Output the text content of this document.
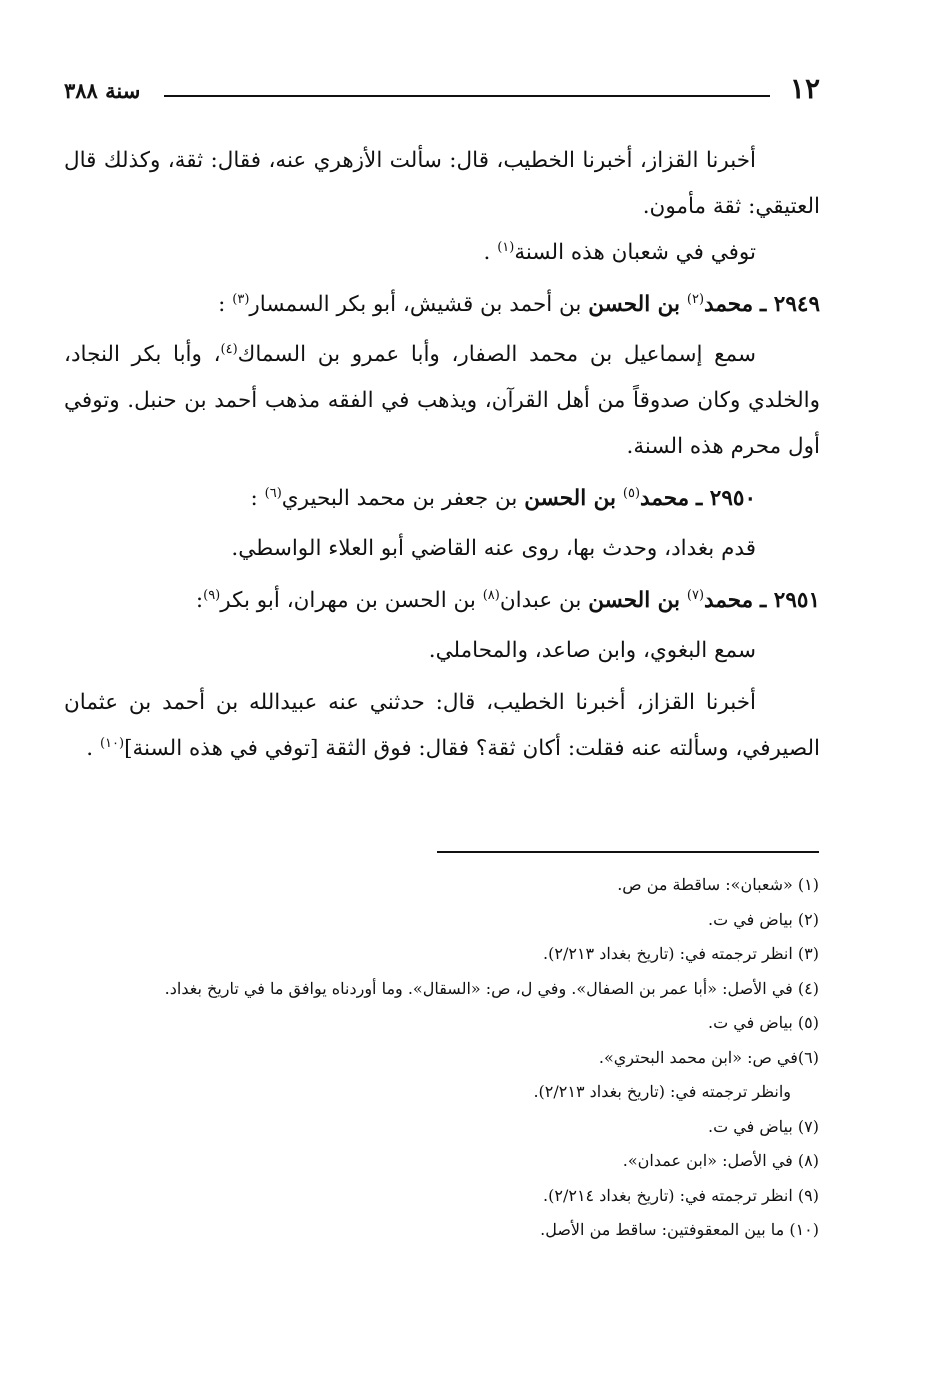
١٢
سنة ٣٨٨

أخبرنا القزاز، أخبرنا الخطيب، قال: سألت الأزهري عنه، فقال: ثقة، وكذلك قال العتيقي: ثقة مأمون.

توفي في شعبان هذه السنة$^{(١)}$ .

٢٩٤٩ ـ محمد$^{(٢)}$ بن الحسن بن أحمد بن قشيش، أبو بكر السمسار$^{(٣)}$ :

سمع إسماعيل بن محمد الصفار، وأبا عمرو بن السماك$^{(٤)}$، وأبا بكر النجاد، والخلدي وكان صدوقاً من أهل القرآن، ويذهب في الفقه مذهب أحمد بن حنبل. وتوفي أول محرم هذه السنة.

٢٩٥٠ ـ محمد$^{(٥)}$ بن الحسن بن جعفر بن محمد البحيري$^{(٦)}$ :

قدم بغداد، وحدث بها، روى عنه القاضي أبو العلاء الواسطي.

٢٩٥١ ـ محمد$^{(٧)}$ بن الحسن بن عبدان$^{(٨)}$ بن الحسن بن مهران، أبو بكر$^{(٩)}$:

سمع البغوي، وابن صاعد، والمحاملي.

أخبرنا القزاز، أخبرنا الخطيب، قال: حدثني عنه عبيدالله بن أحمد بن عثمان الصيرفي، وسألته عنه فقلت: أكان ثقة؟ فقال: فوق الثقة [توفي في هذه السنة]$^{(١٠)}$ .

(١) «شعبان»: ساقطة من ص.

(٢) بياض في ت.

(٣) انظر ترجمته في: (تاريخ بغداد ٢/٢١٣).

(٤) في الأصل: «أبا عمر بن الصفال». وفي ل، ص: «السقال». وما أوردناه يوافق ما في تاريخ بغداد.

(٥) بياض في ت.

(٦)في ص: «ابن محمد البحتري».

وانظر ترجمته في: (تاريخ بغداد ٢/٢١٣).

(٧) بياض في ت.

(٨) في الأصل: «ابن عمدان».

(٩) انظر ترجمته في: (تاريخ بغداد ٢/٢١٤).

(١٠) ما بين المعقوفتين: ساقط من الأصل.
